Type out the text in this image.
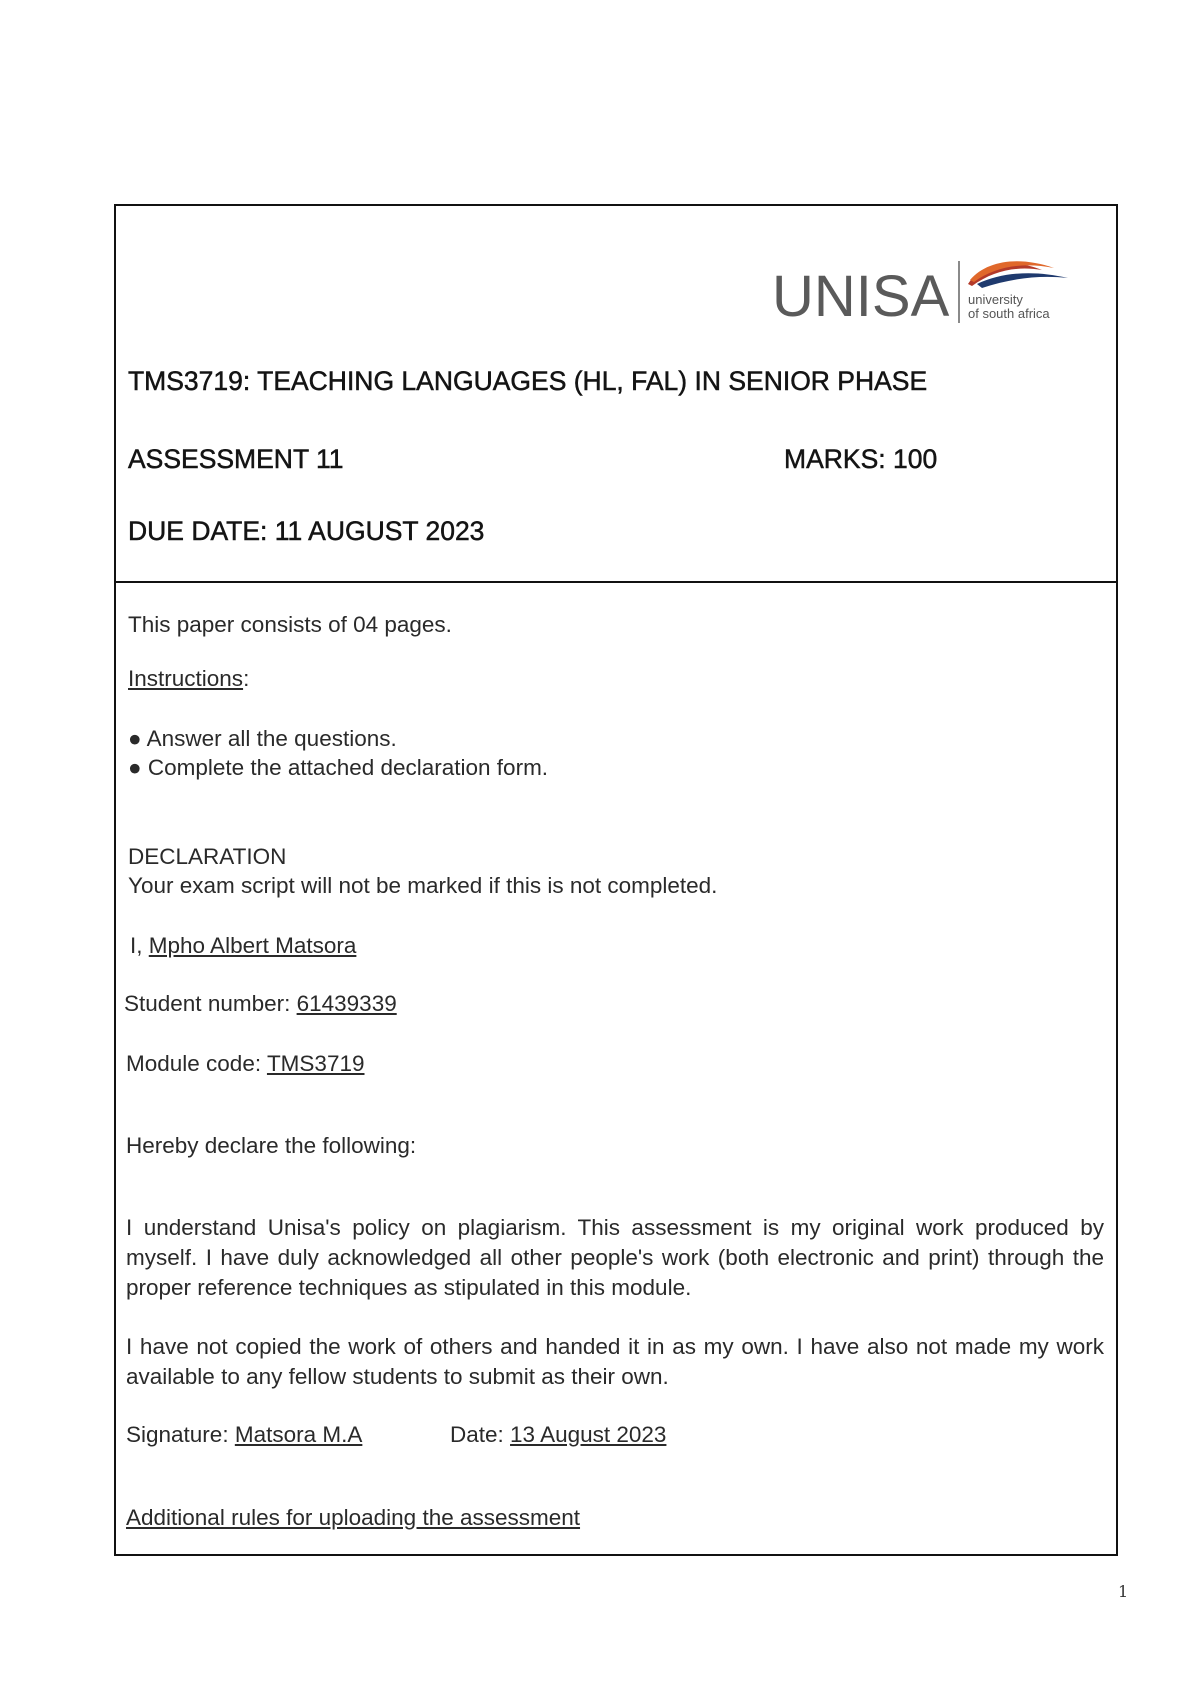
UNISA university
of south africa
TMS3719: TEACHING LANGUAGES (HL, FAL) IN SENIOR PHASE
ASSESSMENT 11	MARKS: 100
DUE DATE: 11 AUGUST 2023
This paper consists of 04 pages.
Instructions:
● Answer all the questions.
● Complete the attached declaration form.
DECLARATION
Your exam script will not be marked if this is not completed.
I, Mpho Albert Matsora
Student number: 61439339
Module code: TMS3719
Hereby declare the following:
I understand Unisa's policy on plagiarism. This assessment is my original work produced by myself. I have duly acknowledged all other people's work (both electronic and print) through the proper reference techniques as stipulated in this module.
I have not copied the work of others and handed it in as my own. I have also not made my work available to any fellow students to submit as their own.
Signature: Matsora M.A	Date: 13 August 2023
Additional rules for uploading the assessment
1
